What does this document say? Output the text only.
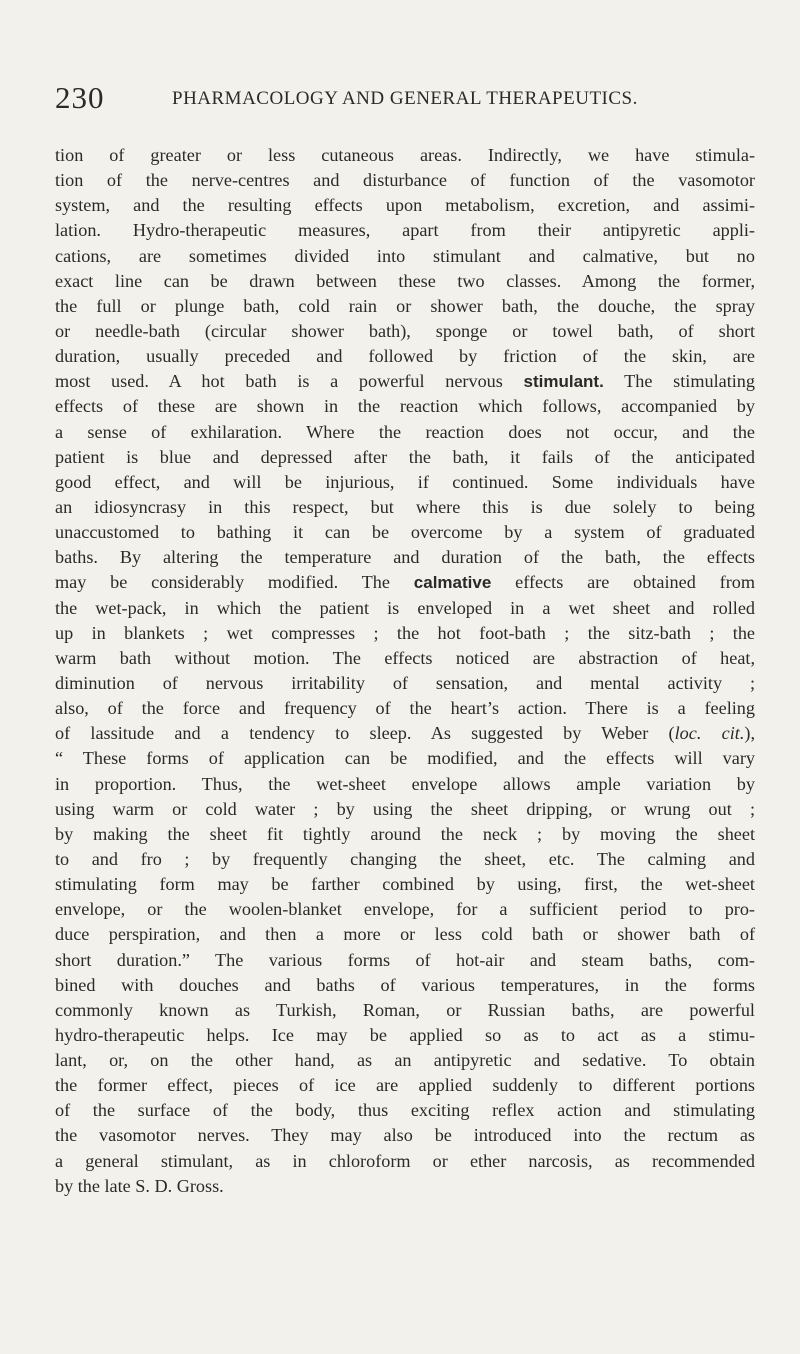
230	PHARMACOLOGY AND GENERAL THERAPEUTICS.
tion of greater or less cutaneous areas. Indirectly, we have stimula-
tion of the nerve-centres and disturbance of function of the vasomotor
system, and the resulting effects upon metabolism, excretion, and assimi-
lation. Hydro-therapeutic measures, apart from their antipyretic appli-
cations, are sometimes divided into stimulant and calmative, but no
exact line can be drawn between these two classes. Among the former,
the full or plunge bath, cold rain or shower bath, the douche, the spray
or needle-bath (circular shower bath), sponge or towel bath, of short
duration, usually preceded and followed by friction of the skin, are
most used. A hot bath is a powerful nervous stimulant. The stimulating
effects of these are shown in the reaction which follows, accompanied by
a sense of exhilaration. Where the reaction does not occur, and the
patient is blue and depressed after the bath, it fails of the anticipated
good effect, and will be injurious, if continued. Some individuals have
an idiosyncrasy in this respect, but where this is due solely to being
unaccustomed to bathing it can be overcome by a system of graduated
baths. By altering the temperature and duration of the bath, the effects
may be considerably modified. The calmative effects are obtained from
the wet-pack, in which the patient is enveloped in a wet sheet and rolled
up in blankets ; wet compresses ; the hot foot-bath ; the sitz-bath ; the
warm bath without motion. The effects noticed are abstraction of heat,
diminution of nervous irritability of sensation, and mental activity ;
also, of the force and frequency of the heart’s action. There is a feeling
of lassitude and a tendency to sleep. As suggested by Weber (loc. cit.),
“ These forms of application can be modified, and the effects will vary
in proportion. Thus, the wet-sheet envelope allows ample variation by
using warm or cold water ; by using the sheet dripping, or wrung out ;
by making the sheet fit tightly around the neck ; by moving the sheet
to and fro ; by frequently changing the sheet, etc. The calming and
stimulating form may be farther combined by using, first, the wet-sheet
envelope, or the woolen-blanket envelope, for a sufficient period to pro-
duce perspiration, and then a more or less cold bath or shower bath of
short duration.” The various forms of hot-air and steam baths, com-
bined with douches and baths of various temperatures, in the forms
commonly known as Turkish, Roman, or Russian baths, are powerful
hydro-therapeutic helps. Ice may be applied so as to act as a stimu-
lant, or, on the other hand, as an antipyretic and sedative. To obtain
the former effect, pieces of ice are applied suddenly to different portions
of the surface of the body, thus exciting reflex action and stimulating
the vasomotor nerves. They may also be introduced into the rectum as
a general stimulant, as in chloroform or ether narcosis, as recommended
by the late S. D. Gross.
